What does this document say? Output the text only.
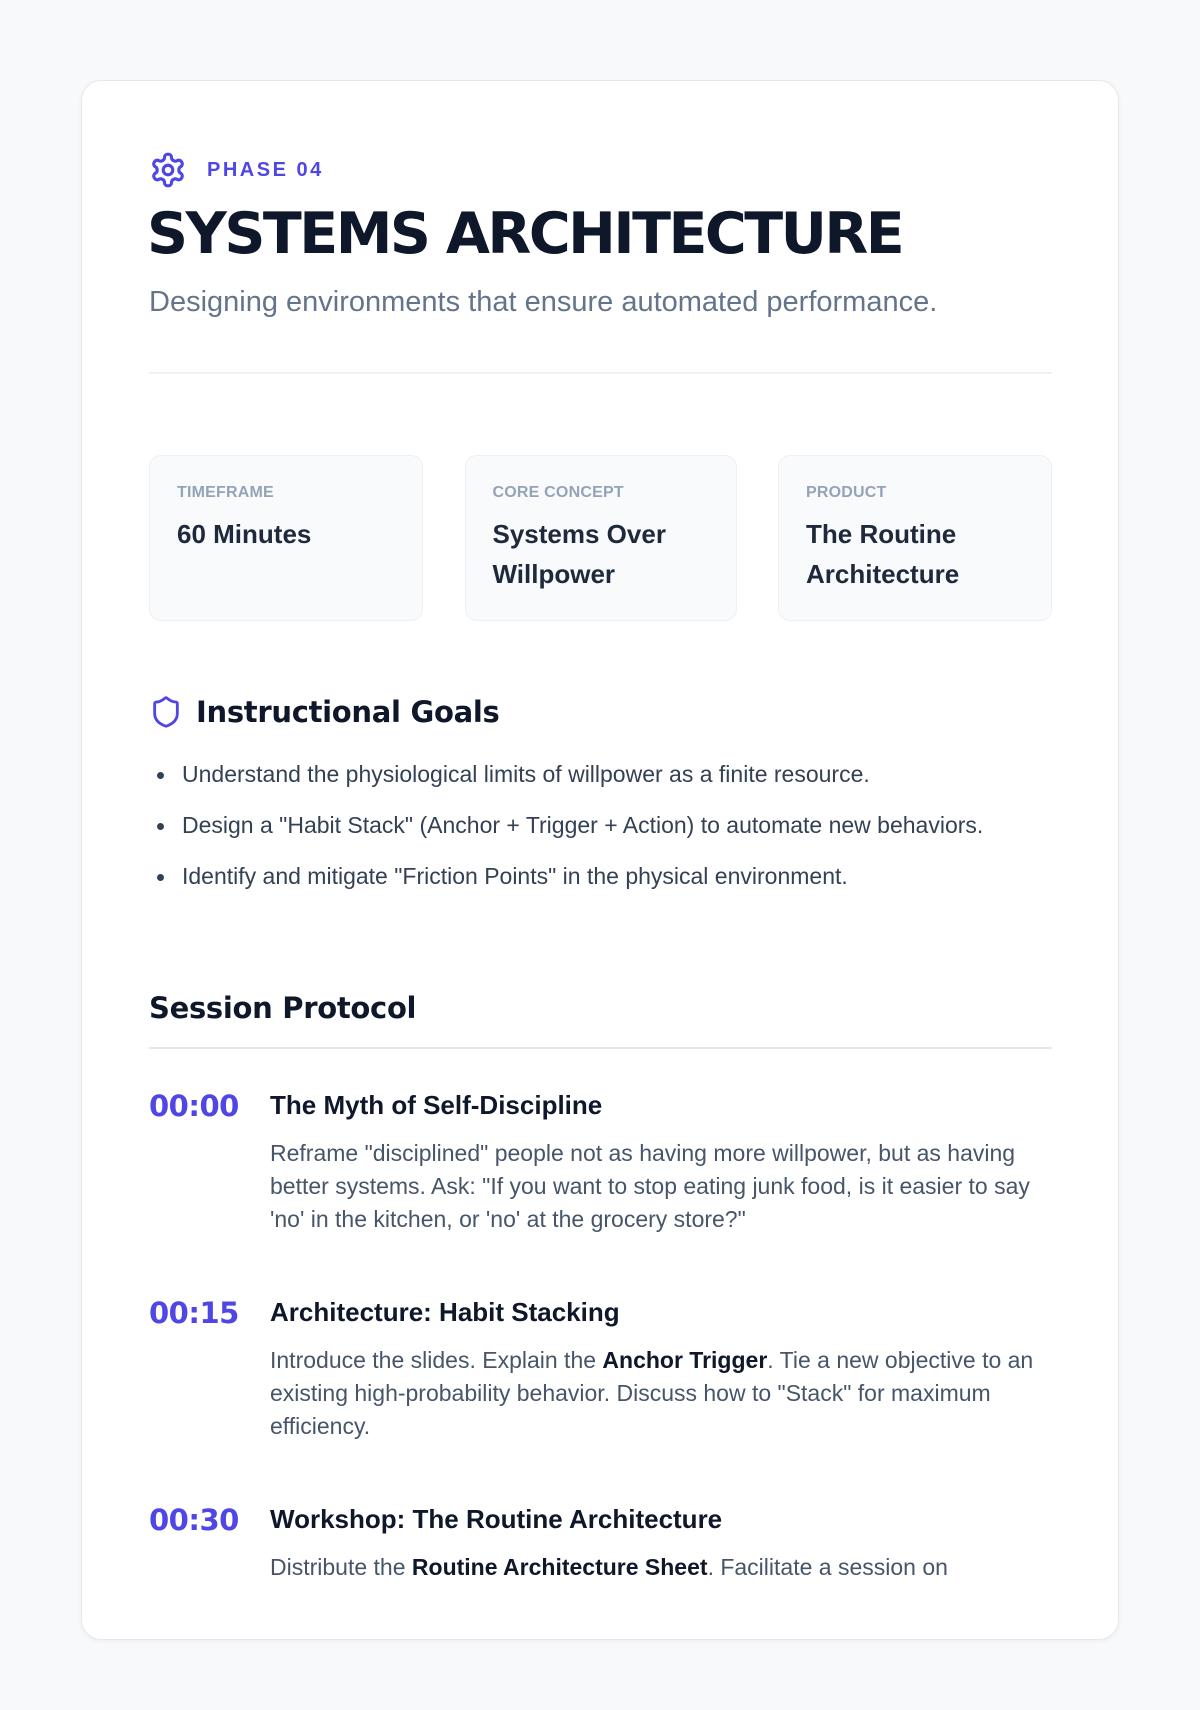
PHASE 04
SYSTEMS ARCHITECTURE

Designing environments that ensure automated performance.

TIMEFRAME
60 Minutes
CORE CONCEPT
Systems Over Willpower
PRODUCT
The Routine Architecture
Instructional Goals
Understand the physiological limits of willpower as a finite resource.
Design a "Habit Stack" (Anchor + Trigger + Action) to automate new behaviors.
Identify and mitigate "Friction Points" in the physical environment.
Session Protocol
00:00 The Myth of Self-Discipline
Reframe "disciplined" people not as having more willpower, but as having better systems. Ask: "If you want to stop eating junk food, is it easier to say 'no' in the kitchen, or 'no' at the grocery store?"
00:15 Architecture: Habit Stacking
Introduce the slides. Explain the Anchor Trigger. Tie a new objective to an existing high-probability behavior. Discuss how to "Stack" for maximum efficiency.
00:30 Workshop: The Routine Architecture
Distribute the Routine Architecture Sheet. Facilitate a session on
